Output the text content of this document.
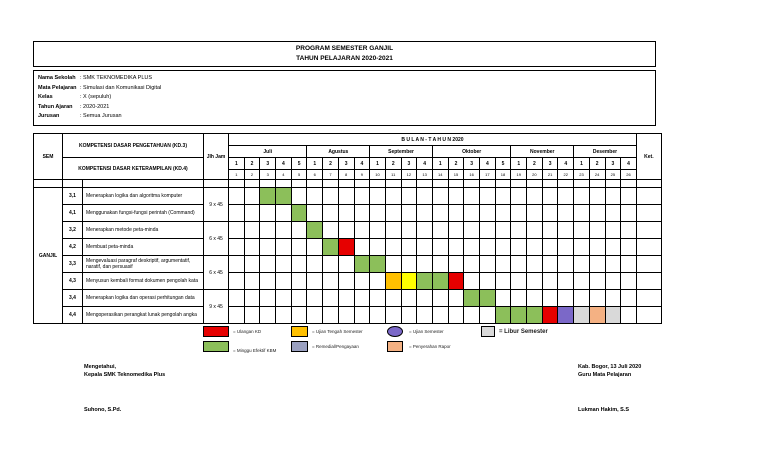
PROGRAM SEMESTER GANJIL
TAHUN PELAJARAN 2020-2021
Nama Sekolah : SMK TEKNOMEDIKA PLUS
Mata Pelajaran : Simulasi dan Komunikasi Digital
Kelas	: X (sepuluh)
Tahun Ajaran	: 2020-2021
Jurusan	: Semua Jurusan
SEM	KOMPETENSI DASAR PENGETAHUAN (KD.3)		Jlh Jam	B U L A N - T A H U N 2020																										Ket.
				Juli					Agustus				September				Oktober					November				Desember				
	KOMPETENSI DASAR KETERAMPILAN (KD.4)			1	2	3	4	5	1	2	3	4	1	2	3	4	1	2	3	4	5	1	2	3	4	1	2	3	4	
				1	2	3	4	5	6	7	8	9	10	11	12	13	14	15	16	17	18	19	20	21	22	23	24	25	26	

GANJIL	3,1	Menerapkan logika dan algoritma komputer	9 x 45																											
	4,1	Menggunakan fungsi-fungsi perintah (Command)																												
	3,2	Menerapkan metode peta-minda	6 x 45																											
	4,2	Membuat peta-minda																												
	3,3	Mengevaluasi paragraf deskriptif, argumentatif, naratif, dan persuasif	6 x 45																											
	4,3	Menyusun kembali format dokumen pengolah kata																												
	3,4	Menerapkan logika dan operasi perhitungan data	9 x 45																											
	4,4	Mengoperasikan perangkat lunak pengolah angka																												
= Ulangan KD	= Ujian Tengah Semester	= Ujian Semester	= Libur Semester
= Minggu Efektif KBM
= Remedial/Pengayaan	= Penyerahan Rapor
Mengetahui,
Kepala SMK Teknomedika Plus
Suhono, S.Pd.
Kab. Bogor, 13 Juli 2020
Guru Mata Pelajaran
Lukman Hakim, S.S
